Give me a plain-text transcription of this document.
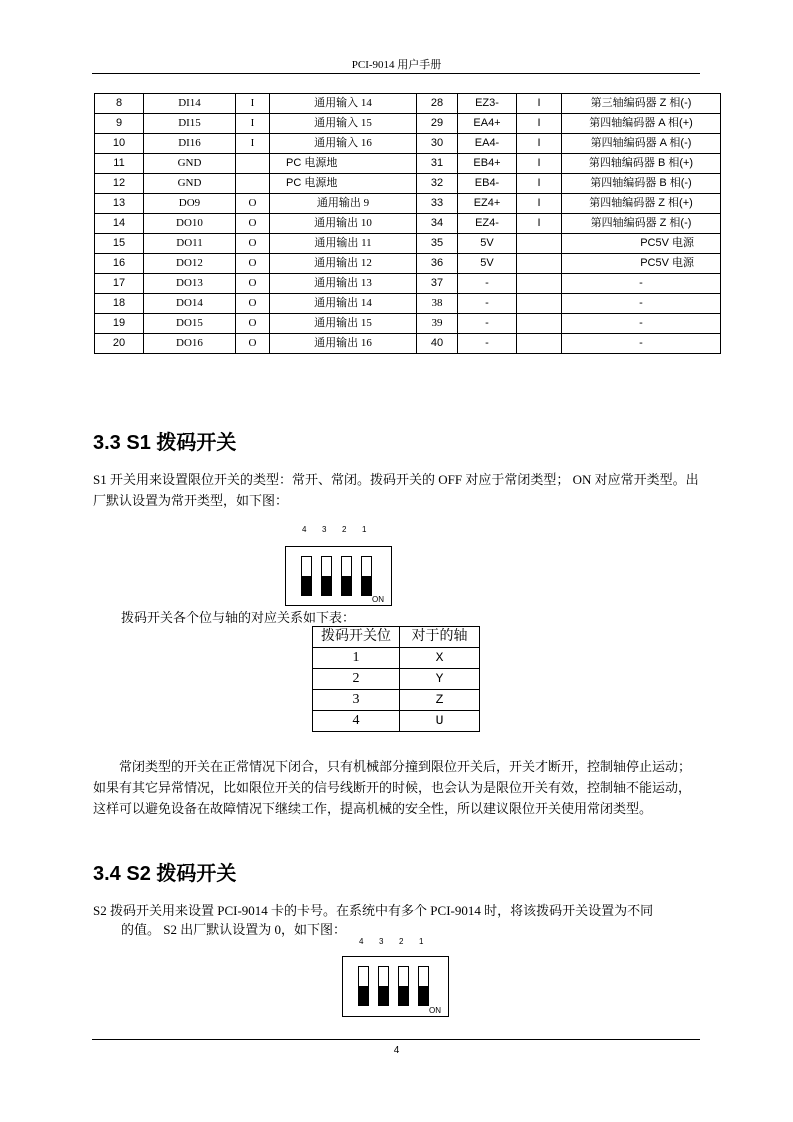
PCI-9014 用户手册
8	DI14	I	通用输入 14	28	EZ3-	I	第三轴编码器 Z 相(-)
9	DI15	I	通用输入 15	29	EA4+	I	第四轴编码器 A 相(+)
10	DI16	I	通用输入 16	30	EA4-	I	第四轴编码器 A 相(-)
11	GND		PC 电源地	31	EB4+	I	第四轴编码器 B 相(+)
12	GND		PC 电源地	32	EB4-	I	第四轴编码器 B 相(-)
13	DO9	O	通用输出 9	33	EZ4+	I	第四轴编码器 Z 相(+)
14	DO10	O	通用输出 10	34	EZ4-	I	第四轴编码器 Z 相(-)
15	DO11	O	通用输出 11	35	5V		PC5V 电源
16	DO12	O	通用输出 12	36	5V		PC5V 电源
17	DO13	O	通用输出 13	37	-		-
18	DO14	O	通用输出 14	38	-		-
19	DO15	O	通用输出 15	39	-		-
20	DO16	O	通用输出 16	40	-		-
3.3 S1 拨码开关

S1 开关用来设置限位开关的类型：常开、常闭。拨码开关的 OFF 对应于常闭类型； ON 对应常开类型。出厂默认设置为常开类型，如下图：

4 3 2 1
ON

拨码开关各个位与轴的对应关系如下表：

拨码开关位	对于的轴
1	X
2	Y
3	Z
4	U

常闭类型的开关在正常情况下闭合，只有机械部分撞到限位开关后，开关才断开，控制轴停止运动；如果有其它异常情况，比如限位开关的信号线断开的时候，也会认为是限位开关有效，控制轴不能运动，这样可以避免设备在故障情况下继续工作，提高机械的安全性，所以建议限位开关使用常闭类型。

3.4 S2 拨码开关

S2 拨码开关用来设置 PCI-9014 卡的卡号。在系统中有多个 PCI-9014 时，将该拨码开关设置为不同

的值。 S2 出厂默认设置为 0，如下图：

4 3 2 1
ON
4
